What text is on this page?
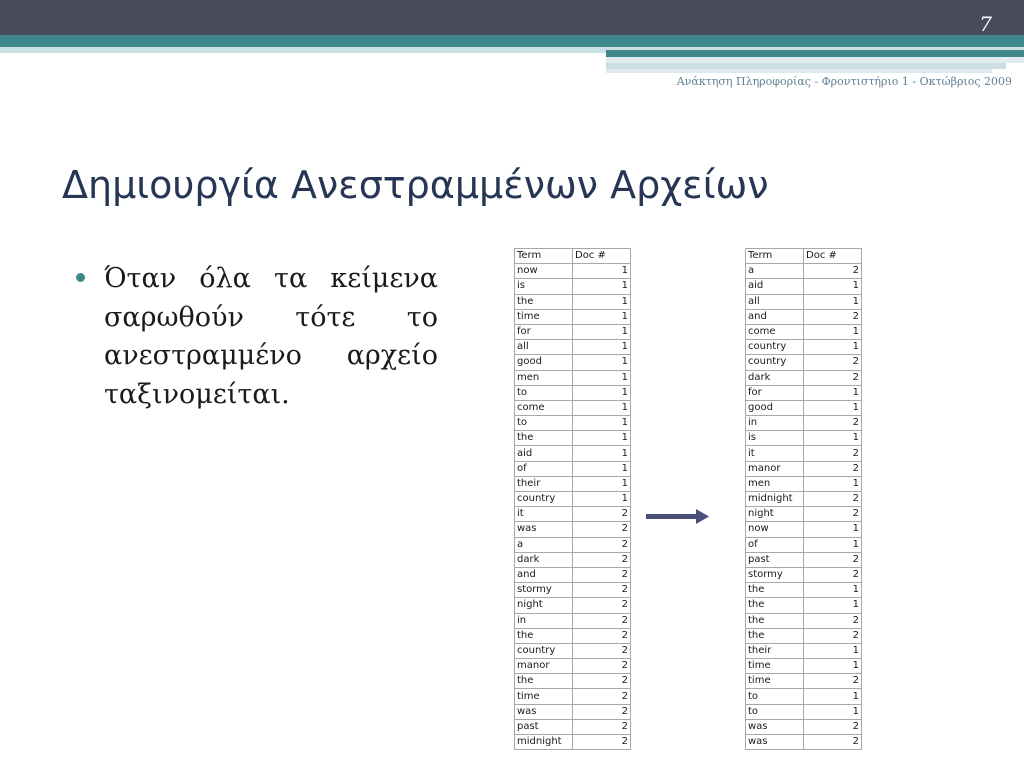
7
Ανάκτηση Πληροφορίας - Φροντιστήριο 1 - Οκτώβριος 2009
Δημιουργία Ανεστραμμένων Αρχείων
Όταν όλα τα κείμενα σαρωθούν τότε το ανεστραμμένο αρχείο ταξινομείται.
Term	Doc #
now	1
is	1
the	1
time	1
for	1
all	1
good	1
men	1
to	1
come	1
to	1
the	1
aid	1
of	1
their	1
country	1
it	2
was	2
a	2
dark	2
and	2
stormy	2
night	2
in	2
the	2
country	2
manor	2
the	2
time	2
was	2
past	2
midnight	2
Term	Doc #
a	2
aid	1
all	1
and	2
come	1
country	1
country	2
dark	2
for	1
good	1
in	2
is	1
it	2
manor	2
men	1
midnight	2
night	2
now	1
of	1
past	2
stormy	2
the	1
the	1
the	2
the	2
their	1
time	1
time	2
to	1
to	1
was	2
was	2
